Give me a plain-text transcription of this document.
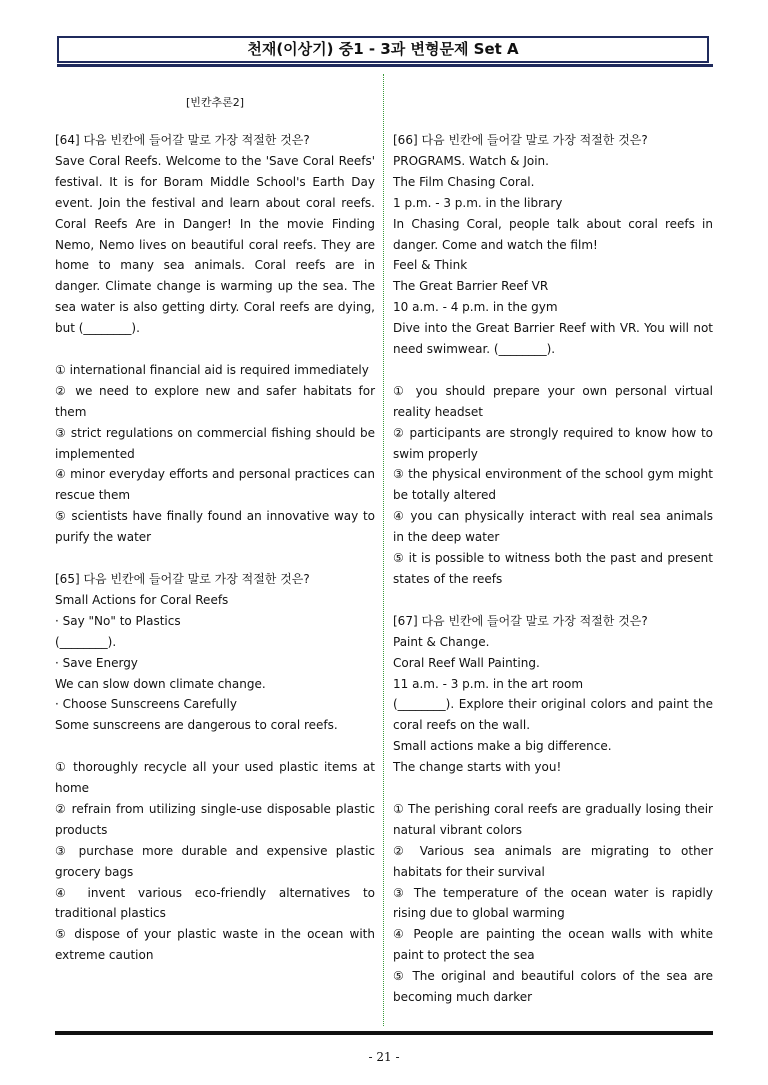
천재(이상기) 중1 - 3과 변형문제 Set A
[빈칸추론2]
[64] 다음 빈칸에 들어갈 말로 가장 적절한 것은?
Save Coral Reefs. Welcome to the 'Save Coral Reefs' festival. It is for Boram Middle School's Earth Day event. Join the festival and learn about coral reefs. Coral Reefs Are in Danger! In the movie Finding Nemo, Nemo lives on beautiful coral reefs. They are home to many sea animals. Coral reefs are in danger. Climate change is warming up the sea. The sea water is also getting dirty. Coral reefs are dying, but (________).
① international financial aid is required immediately
② we need to explore new and safer habitats for them
③ strict regulations on commercial fishing should be implemented
④ minor everyday efforts and personal practices can rescue them
⑤ scientists have finally found an innovative way to purify the water
[65] 다음 빈칸에 들어갈 말로 가장 적절한 것은?
Small Actions for Coral Reefs
· Say "No" to Plastics
(________).
· Save Energy
We can slow down climate change.
· Choose Sunscreens Carefully
Some sunscreens are dangerous to coral reefs.
① thoroughly recycle all your used plastic items at home
② refrain from utilizing single-use disposable plastic products
③ purchase more durable and expensive plastic grocery bags
④ invent various eco-friendly alternatives to traditional plastics
⑤ dispose of your plastic waste in the ocean with extreme caution
[66] 다음 빈칸에 들어갈 말로 가장 적절한 것은?
PROGRAMS. Watch & Join.
The Film Chasing Coral.
1 p.m. - 3 p.m. in the library
In Chasing Coral, people talk about coral reefs in danger. Come and watch the film!
Feel & Think
The Great Barrier Reef VR
10 a.m. - 4 p.m. in the gym
Dive into the Great Barrier Reef with VR. You will not need swimwear. (________).
① you should prepare your own personal virtual reality headset
② participants are strongly required to know how to swim properly
③ the physical environment of the school gym might be totally altered
④ you can physically interact with real sea animals in the deep water
⑤ it is possible to witness both the past and present states of the reefs
[67] 다음 빈칸에 들어갈 말로 가장 적절한 것은?
Paint & Change.
Coral Reef Wall Painting.
11 a.m. - 3 p.m. in the art room
(________). Explore their original colors and paint the coral reefs on the wall.
Small actions make a big difference.
The change starts with you!
① The perishing coral reefs are gradually losing their natural vibrant colors
② Various sea animals are migrating to other habitats for their survival
③ The temperature of the ocean water is rapidly rising due to global warming
④ People are painting the ocean walls with white paint to protect the sea
⑤ The original and beautiful colors of the sea are becoming much darker
- 21 -
